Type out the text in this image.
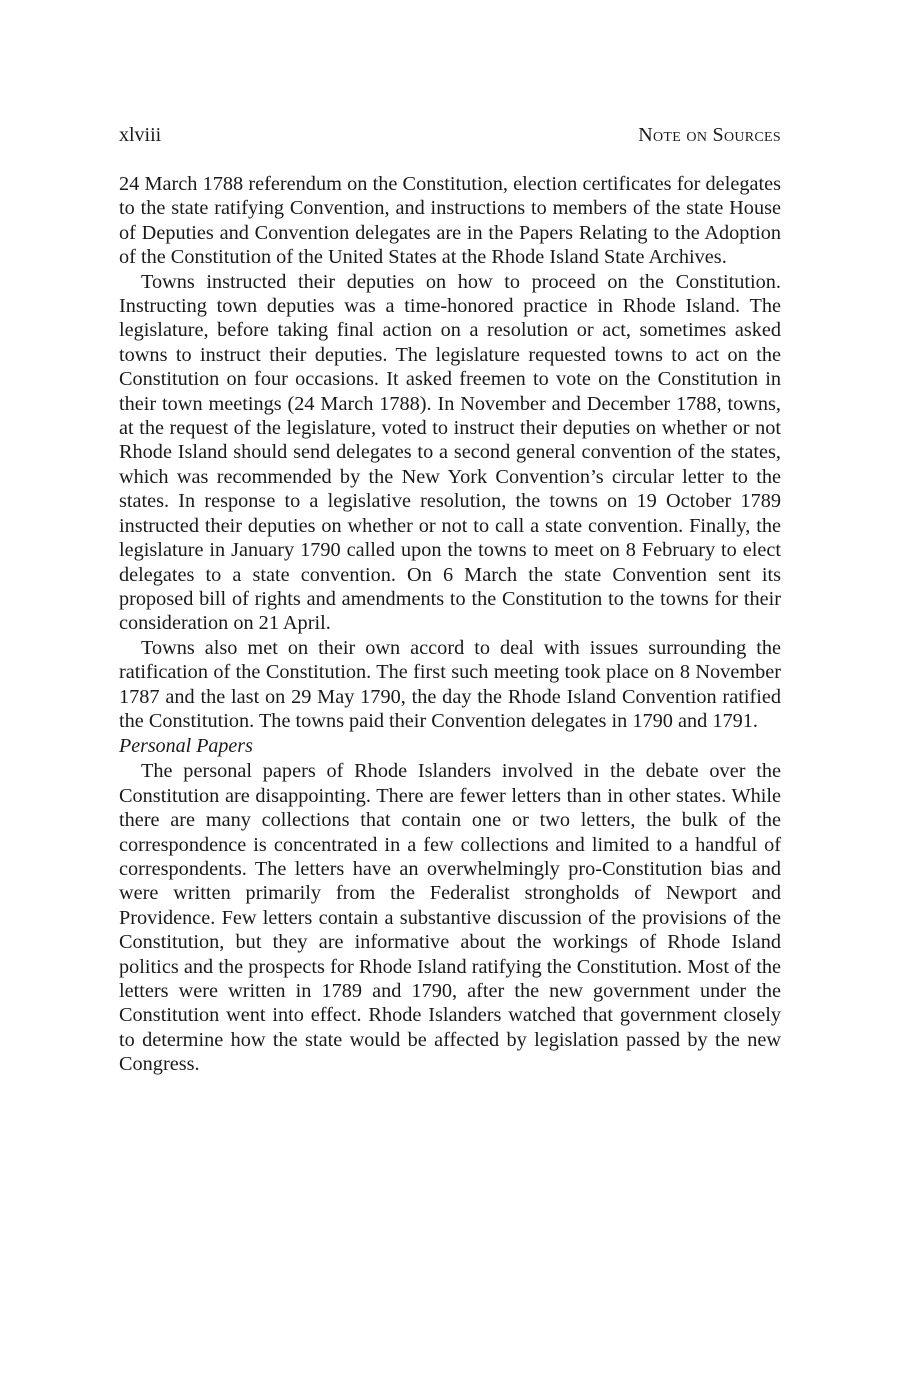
xlviii	Note on Sources

24 March 1788 referendum on the Constitution, election certificates for delegates to the state ratifying Convention, and instructions to members of the state House of Deputies and Convention delegates are in the Papers Relating to the Adoption of the Constitution of the United States at the Rhode Island State Archives.

Towns instructed their deputies on how to proceed on the Constitution. Instructing town deputies was a time-honored practice in Rhode Island. The legislature, before taking final action on a resolution or act, sometimes asked towns to instruct their deputies. The legislature requested towns to act on the Constitution on four occasions. It asked freemen to vote on the Constitution in their town meetings (24 March 1788). In November and December 1788, towns, at the request of the legislature, voted to instruct their deputies on whether or not Rhode Island should send delegates to a second general convention of the states, which was recommended by the New York Convention’s circular letter to the states. In response to a legislative resolution, the towns on 19 October 1789 instructed their deputies on whether or not to call a state convention. Finally, the legislature in January 1790 called upon the towns to meet on 8 February to elect delegates to a state convention. On 6 March the state Convention sent its proposed bill of rights and amendments to the Constitution to the towns for their consideration on 21 April.

Towns also met on their own accord to deal with issues surrounding the ratification of the Constitution. The first such meeting took place on 8 November 1787 and the last on 29 May 1790, the day the Rhode Island Convention ratified the Constitution. The towns paid their Convention delegates in 1790 and 1791.

Personal Papers

The personal papers of Rhode Islanders involved in the debate over the Constitution are disappointing. There are fewer letters than in other states. While there are many collections that contain one or two letters, the bulk of the correspondence is concentrated in a few collections and limited to a handful of correspondents. The letters have an overwhelmingly pro-Constitution bias and were written primarily from the Federalist strongholds of Newport and Providence. Few letters contain a substantive discussion of the provisions of the Constitution, but they are informative about the workings of Rhode Island politics and the prospects for Rhode Island ratifying the Constitution. Most of the letters were written in 1789 and 1790, after the new government under the Constitution went into effect. Rhode Islanders watched that government closely to determine how the state would be affected by legislation passed by the new Congress.
